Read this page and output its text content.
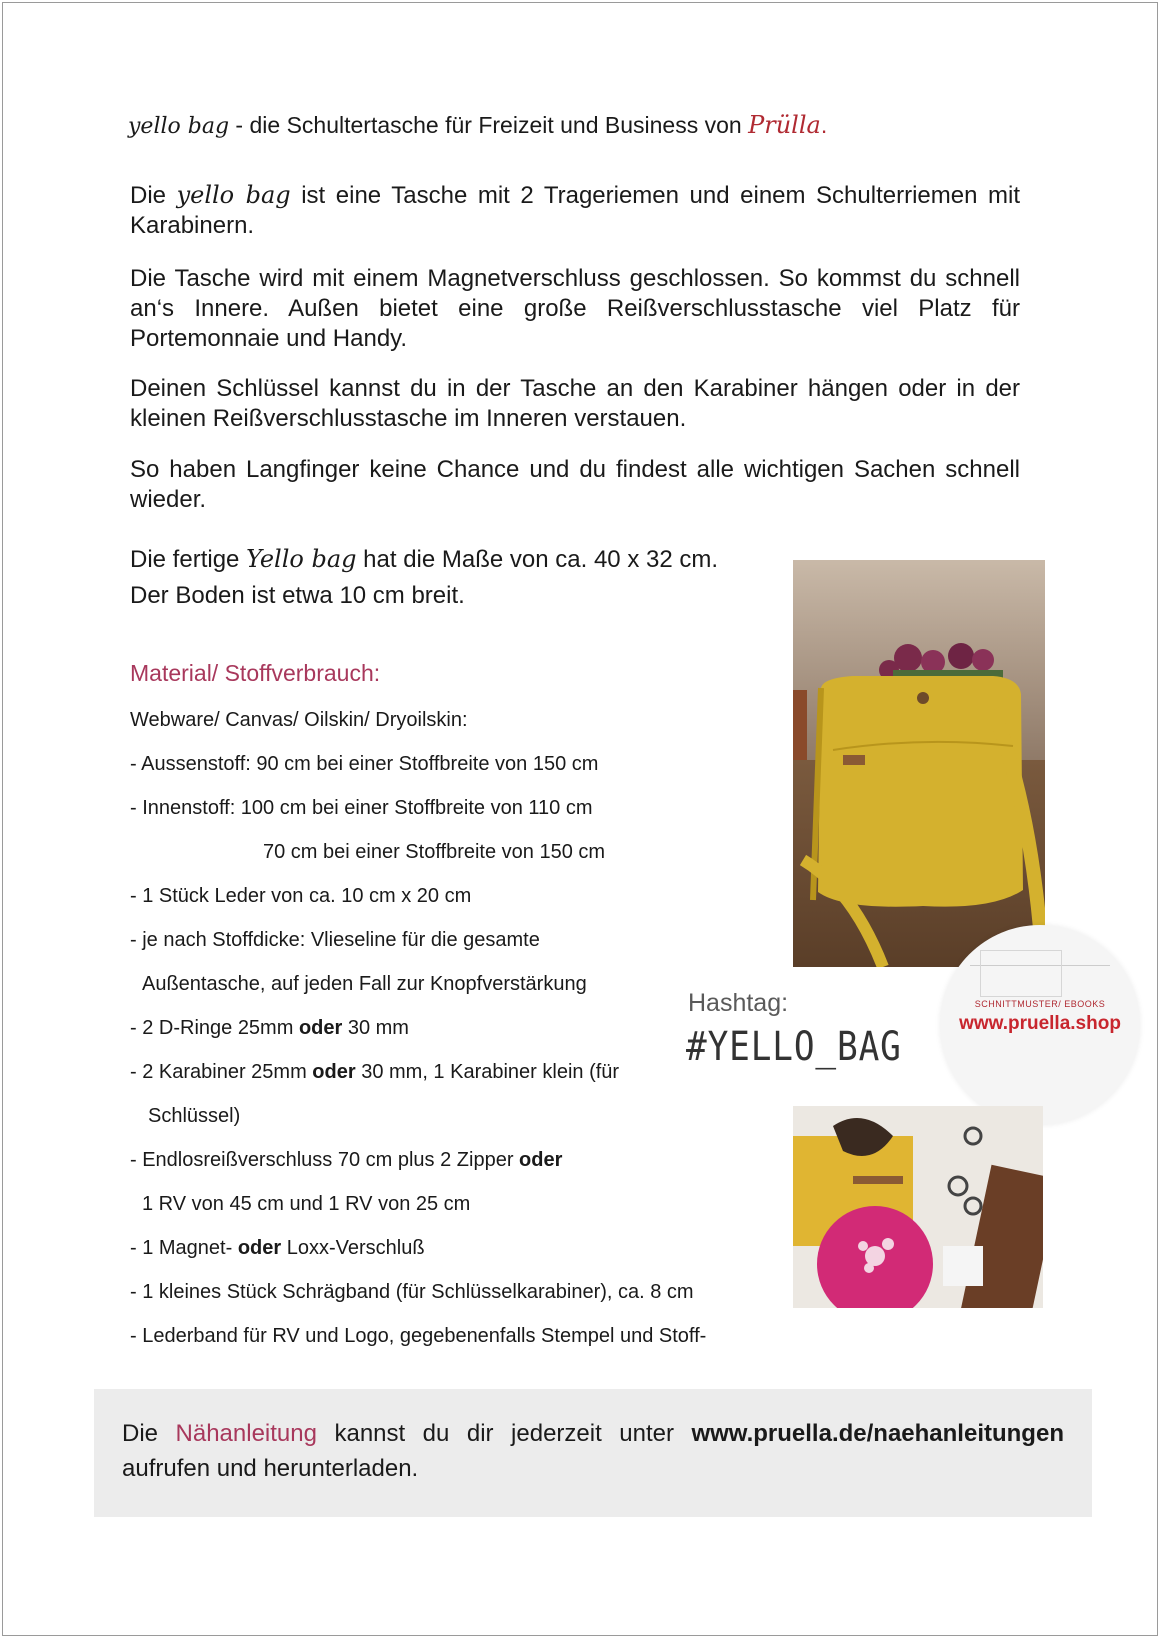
yello bag - die Schultertasche für Freizeit und Business von Prülla.
Die yello bag ist eine Tasche mit 2 Trageriemen und einem Schulterriemen mit Karabinern.
Die Tasche wird mit einem Magnetverschluss geschlossen. So kommst du schnell an‘s Innere. Außen bietet eine große Reißverschlusstasche viel Platz für Portemonnaie und Handy.
Deinen Schlüssel kannst du in der Tasche an den Karabiner hängen oder in der kleinen Reißverschlusstasche im Inneren verstauen.
So haben Langfinger keine Chance und du findest alle wichtigen Sachen schnell wieder.
Die fertige Yello bag hat die Maße von ca. 40 x 32 cm.
Der Boden ist etwa 10 cm breit.
Material/ Stoffverbrauch:
Webware/ Canvas/ Oilskin/ Dryoilskin:
- Aussenstoff: 90 cm bei einer Stoffbreite von 150 cm
- Innenstoff: 100 cm bei einer Stoffbreite von 110 cm
70 cm bei einer Stoffbreite von 150 cm
- 1 Stück Leder von ca. 10 cm x 20 cm
- je nach Stoffdicke: Vlieseline für die gesamte
Außentasche, auf jeden Fall zur Knopfverstärkung
- 2 D-Ringe 25mm oder 30 mm
- 2 Karabiner 25mm oder 30 mm, 1 Karabiner klein (für
Schlüssel)
- Endlosreißverschluss 70 cm plus 2 Zipper oder
1 RV von 45 cm und 1 RV von 25 cm
- 1 Magnet- oder Loxx-Verschluß
- 1 kleines Stück Schrägband (für Schlüsselkarabiner), ca. 8 cm
- Lederband für RV und Logo, gegebenenfalls Stempel und Stoff-
Hashtag:
#YELLO_BAG
SCHNITTMUSTER/ EBOOKS
www.pruella.shop
Die Nähanleitung kannst du dir jederzeit unter www.pruella.de/naehanleitungen aufrufen und herunterladen.
